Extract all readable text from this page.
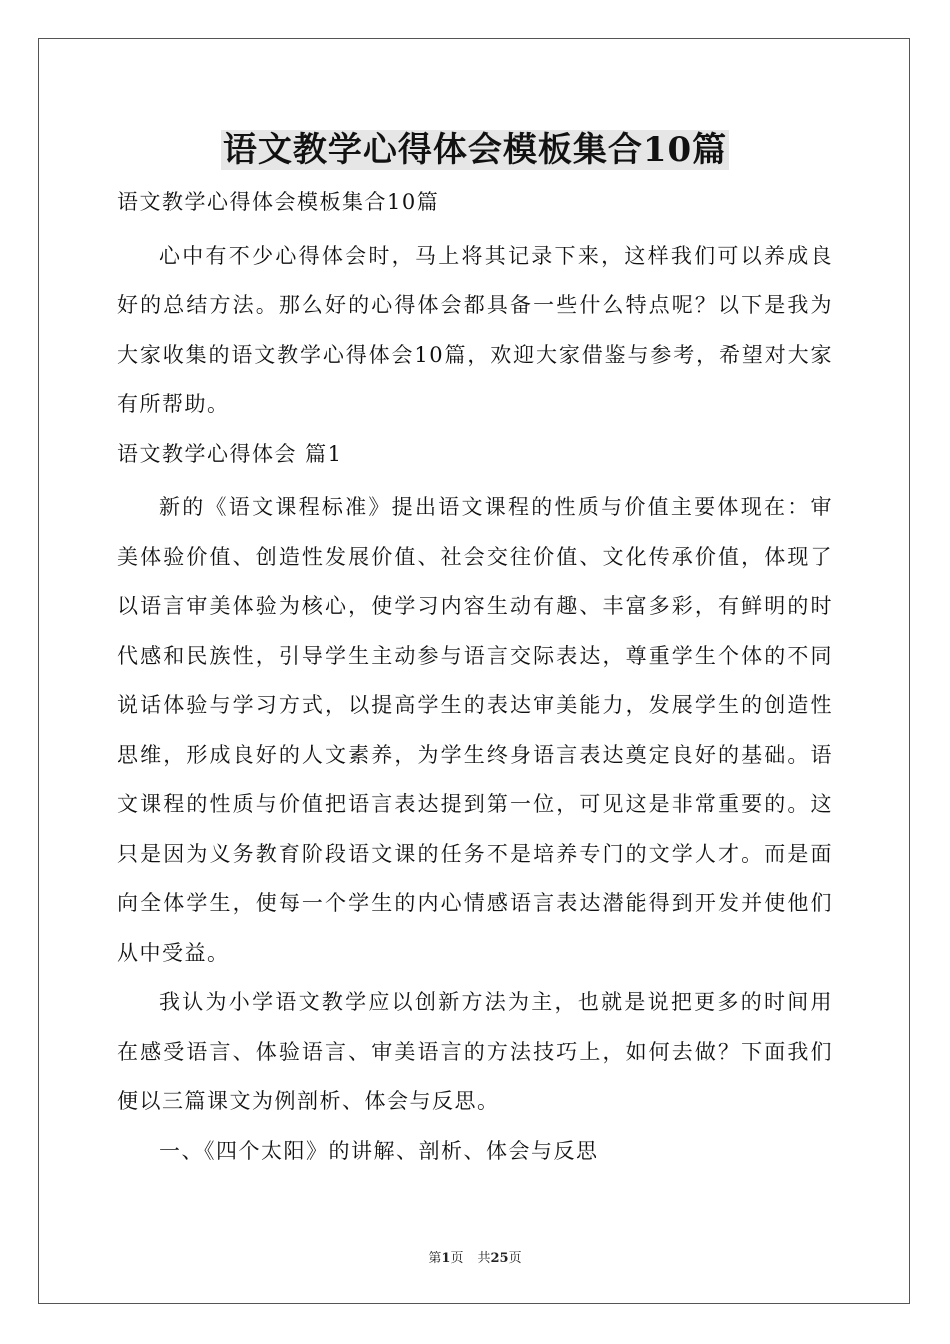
语文教学心得体会模板集合10篇

语文教学心得体会模板集合10篇

心中有不少心得体会时，马上将其记录下来，这样我们可以养成良好的总结方法。那么好的心得体会都具备一些什么特点呢？以下是我为大家收集的语文教学心得体会10篇，欢迎大家借鉴与参考，希望对大家有所帮助。

语文教学心得体会 篇1

新的《语文课程标准》提出语文课程的性质与价值主要体现在：审美体验价值、创造性发展价值、社会交往价值、文化传承价值，体现了以语言审美体验为核心，使学习内容生动有趣、丰富多彩，有鲜明的时代感和民族性，引导学生主动参与语言交际表达，尊重学生个体的不同说话体验与学习方式，以提高学生的表达审美能力，发展学生的创造性思维，形成良好的人文素养，为学生终身语言表达奠定良好的基础。语文课程的性质与价值把语言表达提到第一位，可见这是非常重要的。这只是因为义务教育阶段语文课的任务不是培养专门的文学人才。而是面向全体学生，使每一个学生的内心情感语言表达潜能得到开发并使他们从中受益。

我认为小学语文教学应以创新方法为主，也就是说把更多的时间用在感受语言、体验语言、审美语言的方法技巧上，如何去做？下面我们便以三篇课文为例剖析、体会与反思。

一、《四个太阳》的讲解、剖析、体会与反思

第1页 共25页
